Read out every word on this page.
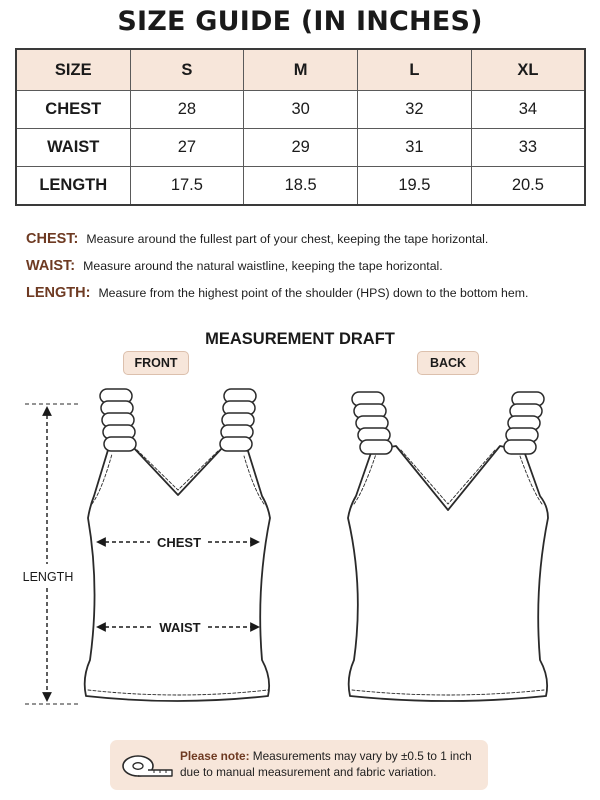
SIZE GUIDE (IN INCHES)
SIZE	S	M	L	XL
CHEST	28	30	32	34
WAIST	27	29	31	33
LENGTH	17.5	18.5	19.5	20.5
CHEST: Measure around the fullest part of your chest, keeping the tape horizontal.
WAIST: Measure around the natural waistline, keeping the tape horizontal.
LENGTH: Measure from the highest point of the shoulder (HPS) down to the bottom hem.
MEASUREMENT DRAFT
FRONT	BACK
LENGTH
CHEST
WAIST
Please note: Measurements may vary by ±0.5 to 1 inch due to manual measurement and fabric variation.
